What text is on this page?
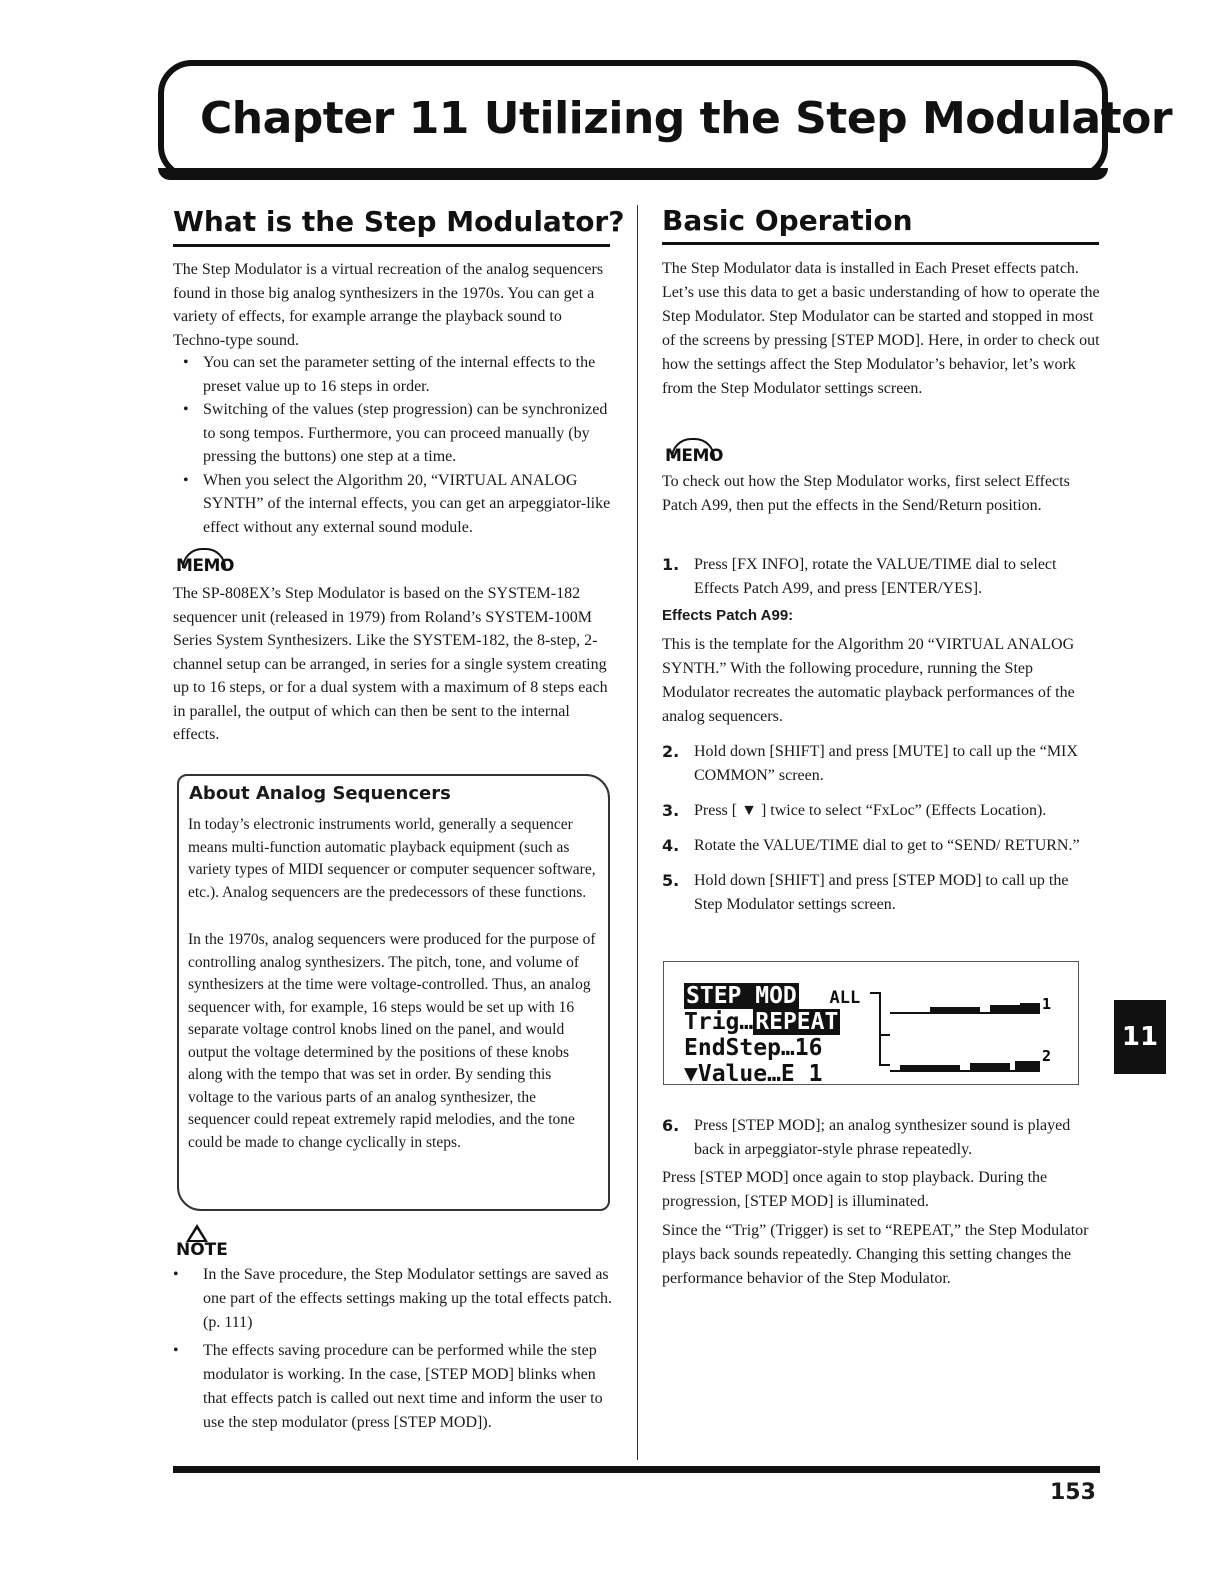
Chapter 11 Utilizing the Step Modulator
What is the Step Modulator?

The Step Modulator is a virtual recreation of the analog sequencers found in those big analog synthesizers in the 1970s. You can get a variety of effects, for example arrange the playback sound to Techno-type sound.

• You can set the parameter setting of the internal effects to the preset value up to 16 steps in order.
• Switching of the values (step progression) can be synchronized to song tempos. Furthermore, you can proceed manually (by pressing the buttons) one step at a time.
• When you select the Algorithm 20, “VIRTUAL ANALOG SYNTH” of the internal effects, you can get an arpeggiator-like effect without any external sound module.
MEMO

The SP-808EX’s Step Modulator is based on the SYSTEM-182 sequencer unit (released in 1979) from Roland’s SYSTEM-100M Series System Synthesizers. Like the SYSTEM-182, the 8-step, 2-channel setup can be arranged, in series for a single system creating up to 16 steps, or for a dual system with a maximum of 8 steps each in parallel, the output of which can then be sent to the internal effects.

About Analog Sequencers

In today’s electronic instruments world, generally a sequencer means multi-function automatic playback equipment (such as variety types of MIDI sequencer or computer sequencer software, etc.). Analog sequencers are the predecessors of these functions.

In the 1970s, analog sequencers were produced for the purpose of controlling analog synthesizers. The pitch, tone, and volume of synthesizers at the time were voltage-controlled. Thus, an analog sequencer with, for example, 16 steps would be set up with 16 separate voltage control knobs lined on the panel, and would output the voltage determined by the positions of these knobs along with the tempo that was set in order. By sending this voltage to the various parts of an analog synthesizer, the sequencer could repeat extremely rapid melodies, and the tone could be made to change cyclically in steps.

NOTE
• In the Save procedure, the Step Modulator settings are saved as one part of the effects settings making up the total effects patch. (p. 111)
• The effects saving procedure can be performed while the step modulator is working. In the case, [STEP MOD] blinks when that effects patch is called out next time and inform the user to use the step modulator (press [STEP MOD]).
Basic Operation

The Step Modulator data is installed in Each Preset effects patch. Let’s use this data to get a basic understanding of how to operate the Step Modulator. Step Modulator can be started and stopped in most of the screens by pressing [STEP MOD]. Here, in order to check out how the settings affect the Step Modulator’s behavior, let’s work from the Step Modulator settings screen.

MEMO

To check out how the Step Modulator works, first select Effects Patch A99, then put the effects in the Send/Return position.

1. Press [FX INFO], rotate the VALUE/TIME dial to select Effects Patch A99, and press [ENTER/YES].
Effects Patch A99:

This is the template for the Algorithm 20 “VIRTUAL ANALOG SYNTH.” With the following procedure, running the Step Modulator recreates the automatic playback performances of the analog sequencers.

2. Hold down [SHIFT] and press [MUTE] to call up the “MIX COMMON” screen.
3. Press [ ▼ ] twice to select “FxLoc” (Effects Location).
4. Rotate the VALUE/TIME dial to get to “SEND/ RETURN.”
5. Hold down [SHIFT] and press [STEP MOD] to call up the Step Modulator settings screen.
STEP MOD   ALL
Trig…REPEAT
EndStep…16
▼Value…E 1
1
2
6. Press [STEP MOD]; an analog synthesizer sound is played back in arpeggiator-style phrase repeatedly.

Press [STEP MOD] once again to stop playback. During the progression, [STEP MOD] is illuminated.

Since the “Trig” (Trigger) is set to “REPEAT,” the Step Modulator plays back sounds repeatedly. Changing this setting changes the performance behavior of the Step Modulator.

11

153
